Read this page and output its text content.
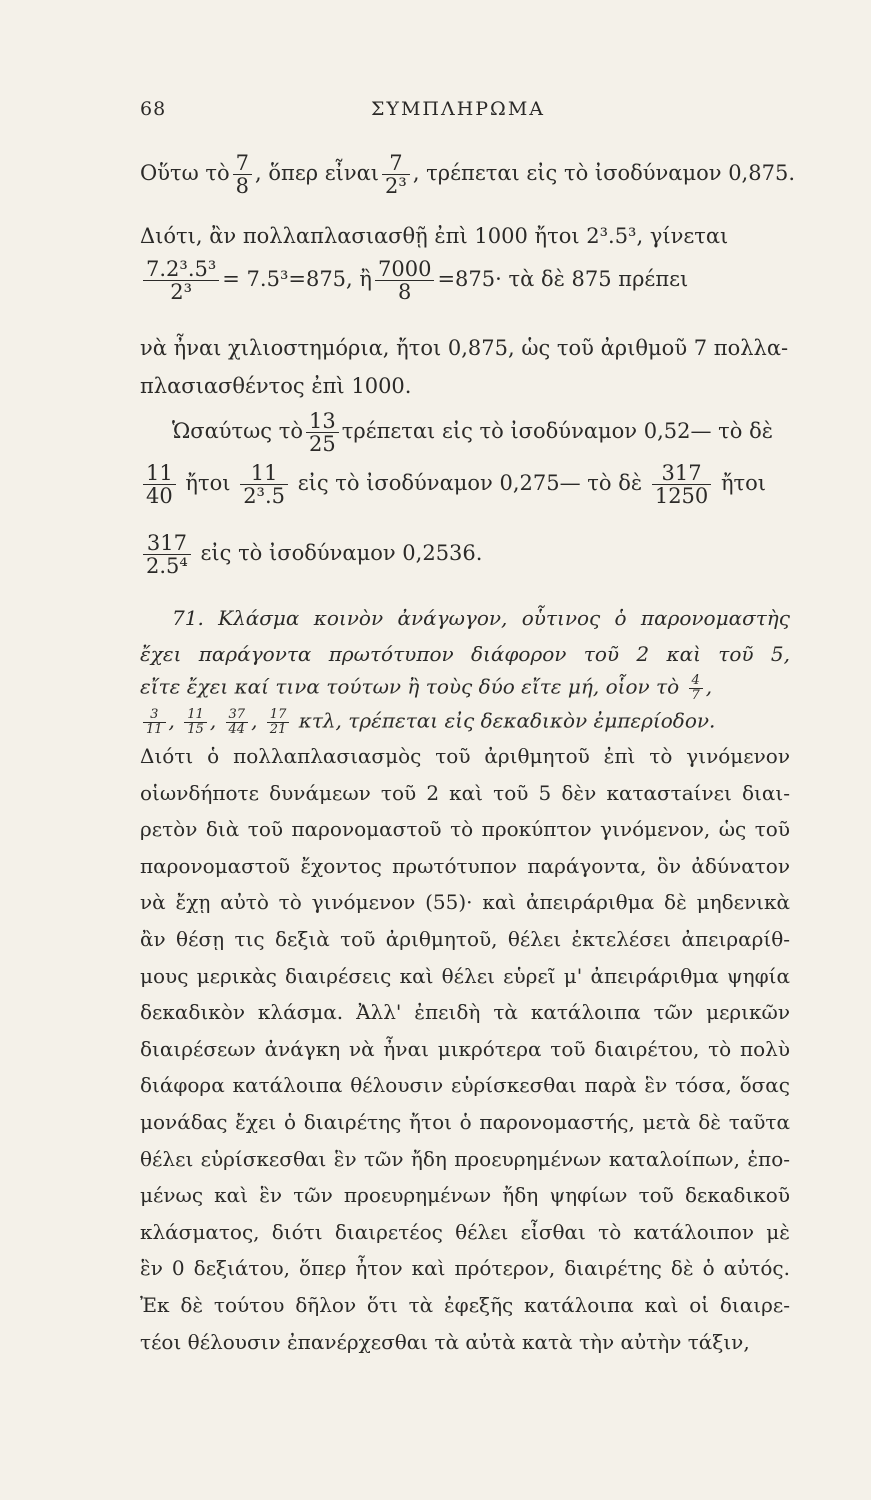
68	ΣΥΜΠΛΗΡΩΜΑ
Οὕτω τὸ $\frac{7}{8}$ , ὅπερ εἶναι $\frac{7}{\text{2³}}$ , τρέπεται εἰς τὸ ἰσοδύναμον 0,875.
Διότι, ἂν πολλαπλασιασθῇ ἐπὶ 1000 ἤτοι 2³.5³, γίνεται
$\frac{\text{7.2³.5³}}{\text{2³}} = 7.5^3=875$, ἢ $\frac{7000}{8} =875\cdot$ τὰ δὲ 875 πρέπει
νὰ ἦναι χιλιοστημόρια, ἤτοι 0,875, ὡς τοῦ ἀριθμοῦ 7 πολλα-
πλασιασθέντος ἐπὶ 1000.
Ὡσαύτως τὸ $\frac{13}{25}$ τρέπεται εἰς τὸ ἰσοδύναμον 0,52— τὸ δὲ
$\frac{11}{40}$ ἤτοι $\frac{11}{\text{2³.5}}$ εἰς τὸ ἰσοδύναμον 0,275— τὸ δὲ $\frac{317}{1250}$ ἤτοι
$\frac{317}{\text{2.5⁴}}$ εἰς τὸ ἰσοδύναμον 0,2536.
71. Κλάσμα κοινὸν ἀνάγωγον, οὗτινος ὁ παρονομαστὴς
ἔχει παράγοντα πρωτότυπον διάφορον τοῦ 2 καὶ τοῦ 5,
εἴτε ἔχει καί τινα τούτων ἢ τοὺς δύο εἴτε μή, οἷον τὸ $\frac{4}{7}$ ,
$\frac{3}{11}$ , $\frac{11}{15}$ , $\frac{37}{44}$ , $\frac{17}{21} \kappa\tau\lambda$, τρέπεται εἰς δεκαδικὸν ἐμπερίοδον.
Διότι ὁ πολλαπλασιασμὸς τοῦ ἀριθμητοῦ ἐπὶ τὸ γινόμενον
οἱωνδήποτε δυνάμεων τοῦ 2 καὶ τοῦ 5 δὲν καταστaίνει διαι-
ρετὸν διὰ τοῦ παρονομαστοῦ τὸ προκύπτον γινόμενον, ὡς τοῦ
παρονομαστοῦ ἔχοντος πρωτότυπον παράγοντα, ὃν ἀδύνατον
νὰ ἔχῃ αὐτὸ τὸ γινόμενον (55)· καὶ ἀπειράριθμα δὲ μηδενικὰ
ἂν θέσῃ τις δεξιὰ τοῦ ἀριθμητοῦ, θέλει ἐκτελέσει ἀπειραρίθ-
μους μερικὰς διαιρέσεις καὶ θέλει εὑρεῖ μ' ἀπειράριθμα ψηφία
δεκαδικὸν κλάσμα. Ἀλλ' ἐπειδὴ τὰ κατάλοιπα τῶν μερικῶν
διαιρέσεων ἀνάγκη νὰ ἦναι μικρότερα τοῦ διαιρέτου, τὸ πολὺ
διάφορα κατάλοιπα θέλουσιν εὑρίσκεσθαι παρὰ ἓν τόσα, ὅσας
μονάδας ἔχει ὁ διαιρέτης ἤτοι ὁ παρονομαστής, μετὰ δὲ ταῦτα
θέλει εὑρίσκεσθαι ἓν τῶν ἤδη προευρημένων καταλοίπων, ἑπο-
μένως καὶ ἓν τῶν προευρημένων ἤδη ψηφίων τοῦ δεκαδικοῦ
κλάσματος, διότι διαιρετέος θέλει εἶσθαι τὸ κατάλοιπον μὲ
ἓν 0 δεξιάτου, ὅπερ ἦτον καὶ πρότερον, διαιρέτης δὲ ὁ αὐτός.
Ἐκ δὲ τούτου δῆλον ὅτι τὰ ἐφεξῆς κατάλοιπα καὶ οἱ διαιρε-
τέοι θέλουσιν ἐπανέρχεσθαι τὰ αὐτὰ κατὰ τὴν αὐτὴν τάξιν,
